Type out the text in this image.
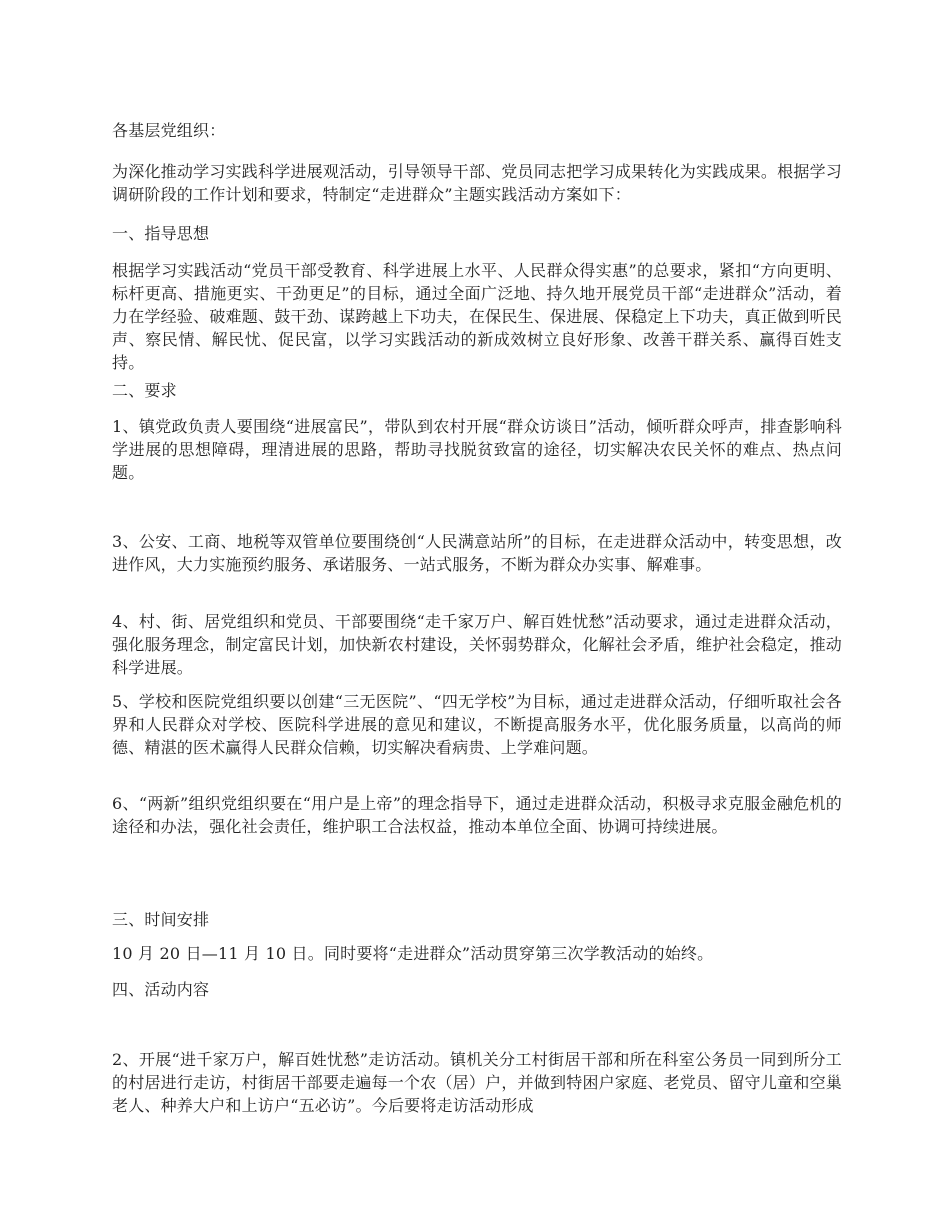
各基层党组织：

为深化推动学习实践科学进展观活动，引导领导干部、党员同志把学习成果转化为实践成果。根据学习调研阶段的工作计划和要求，特制定“走进群众”主题实践活动方案如下：

一、指导思想

根据学习实践活动“党员干部受教育、科学进展上水平、人民群众得实惠”的总要求，紧扣“方向更明、标杆更高、措施更实、干劲更足”的目标，通过全面广泛地、持久地开展党员干部“走进群众”活动，着力在学经验、破难题、鼓干劲、谋跨越上下功夫，在保民生、保进展、保稳定上下功夫，真正做到听民声、察民情、解民忧、促民富，以学习实践活动的新成效树立良好形象、改善干群关系、赢得百姓支持。

二、要求

1、镇党政负责人要围绕“进展富民”，带队到农村开展“群众访谈日”活动，倾听群众呼声，排查影响科学进展的思想障碍，理清进展的思路，帮助寻找脱贫致富的途径，切实解决农民关怀的难点、热点问题。

3、公安、工商、地税等双管单位要围绕创“人民满意站所”的目标，在走进群众活动中，转变思想，改进作风，大力实施预约服务、承诺服务、一站式服务，不断为群众办实事、解难事。

4、村、街、居党组织和党员、干部要围绕“走千家万户、解百姓忧愁”活动要求，通过走进群众活动，强化服务理念，制定富民计划，加快新农村建设，关怀弱势群众，化解社会矛盾，维护社会稳定，推动科学进展。

5、学校和医院党组织要以创建“三无医院”、“四无学校”为目标，通过走进群众活动，仔细听取社会各界和人民群众对学校、医院科学进展的意见和建议，不断提高服务水平，优化服务质量，以高尚的师德、精湛的医术赢得人民群众信赖，切实解决看病贵、上学难问题。

6、“两新”组织党组织要在“用户是上帝”的理念指导下，通过走进群众活动，积极寻求克服金融危机的途径和办法，强化社会责任，维护职工合法权益，推动本单位全面、协调可持续进展。

三、时间安排

10 月 20 日—11 月 10 日。同时要将“走进群众”活动贯穿第三次学教活动的始终。

四、活动内容

2、开展“进千家万户，解百姓忧愁”走访活动。镇机关分工村街居干部和所在科室公务员一同到所分工的村居进行走访，村街居干部要走遍每一个农（居）户，并做到特困户家庭、老党员、留守儿童和空巢老人、种养大户和上访户“五必访”。今后要将走访活动形成
